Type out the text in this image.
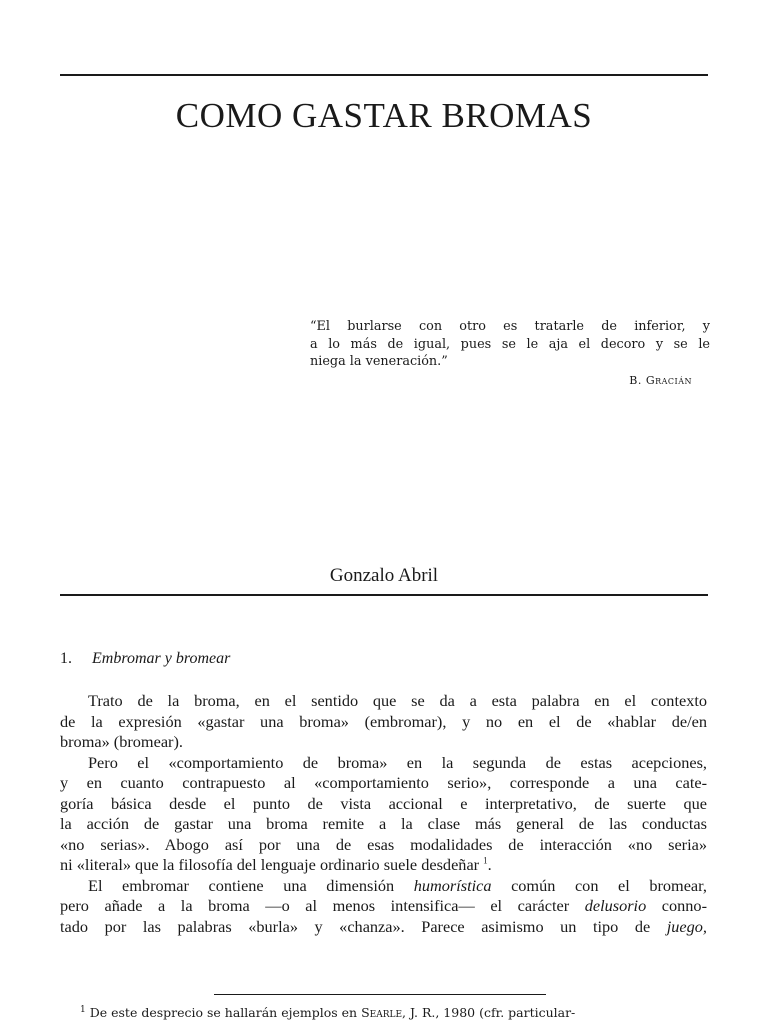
COMO GASTAR BROMAS
“El burlarse con otro es tratarle de inferior, y
a lo más de igual, pues se le aja el decoro y se le
niega la veneración.”
B. Gracián
Gonzalo Abril
1. Embromar y bromear
Trato de la broma, en el sentido que se da a esta palabra en el contexto
de la expresión «gastar una broma» (embromar), y no en el de «hablar de/en
broma» (bromear).
Pero el «comportamiento de broma» en la segunda de estas acepciones,
y en cuanto contrapuesto al «comportamiento serio», corresponde a una cate-
goría básica desde el punto de vista accional e interpretativo, de suerte que
la acción de gastar una broma remite a la clase más general de las conductas
«no serias». Abogo así por una de esas modalidades de interacción «no seria»
ni «literal» que la filosofía del lenguaje ordinario suele desdeñar $^1$.
El embromar contiene una dimensión humorística común con el bromear,
pero añade a la broma —o al menos intensifica— el carácter delusorio conno-
tado por las palabras «burla» y «chanza». Parece asimismo un tipo de juego,
$^1$ De este desprecio se hallarán ejemplos en Searle, J. R., 1980 (cfr. particular-
